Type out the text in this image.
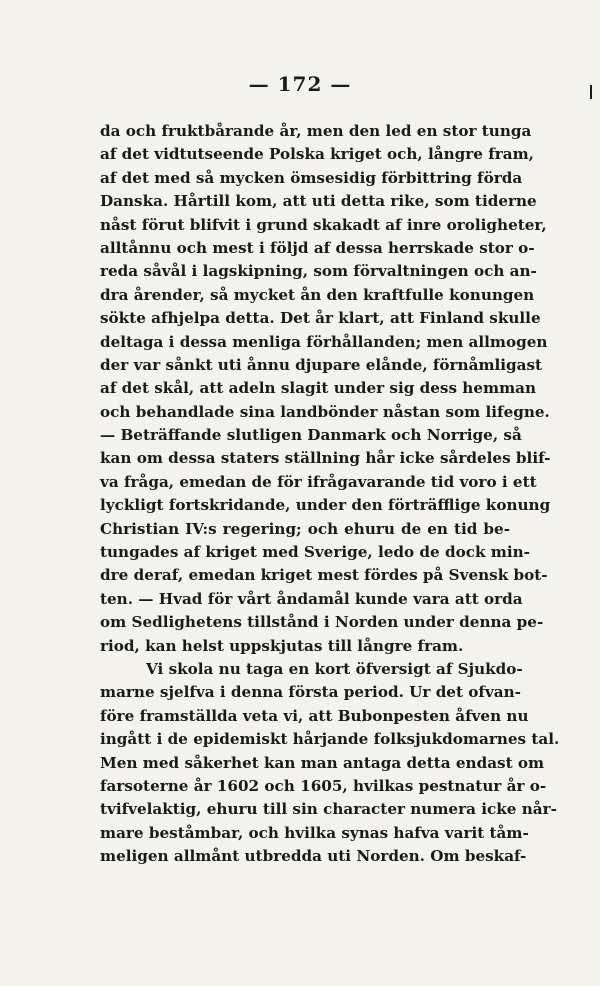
— 172 —
da och fruktbårande år, men den led en stor tunga
af det vidtutseende Polska kriget och, långre fram,
af det med så mycken ömsesidig förbittring förda
Danska. Hårtill kom, att uti detta rike, som tiderne
nåst förut blifvit i grund skakadt af inre oroligheter,
alltånnu och mest i följd af dessa herrskade stor o-
reda såvål i lagskipning, som förvaltningen och an-
dra årender, så mycket ån den kraftfulle konungen
sökte afhjelpa detta. Det år klart, att Finland skulle
deltaga i dessa menliga förhållanden; men allmogen
der var sånkt uti ånnu djupare elånde, förnåmligast
af det skål, att adeln slagit under sig dess hemman
och behandlade sina landbönder nåstan som lifegne.
— Beträffande slutligen Danmark och Norrige, så
kan om dessa staters ställning hår icke sårdeles blif-
va fråga, emedan de för ifrågavarande tid voro i ett
lyckligt fortskridande, under den förträfflige konung
Christian IV:s regering; och ehuru de en tid be-
tungades af kriget med Sverige, ledo de dock min-
dre deraf, emedan kriget mest fördes på Svensk bot-
ten. — Hvad för vårt åndamål kunde vara att orda
om Sedlighetens tillstånd i Norden under denna pe-
riod, kan helst uppskjutas till långre fram.
Vi skola nu taga en kort öfversigt af Sjukdo-
marne sjelfva i denna första period. Ur det ofvan-
före framställda veta vi, att Bubonpesten åfven nu
ingått i de epidemiskt hårjande folksjukdomarnes tal.
Men med såkerhet kan man antaga detta endast om
farsoterne år 1602 och 1605, hvilkas pestnatur år o-
tvifvelaktig, ehuru till sin character numera icke når-
mare beståmbar, och hvilka synas hafva varit tåm-
meligen allmånt utbredda uti Norden. Om beskaf-
